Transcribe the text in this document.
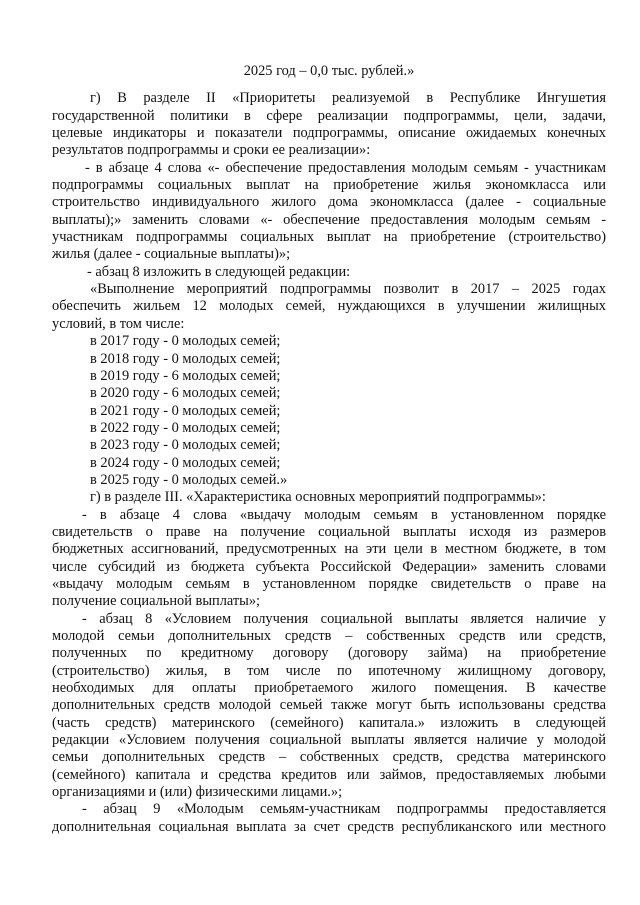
2025 год – 0,0 тыс. рублей.»
г) В разделе II «Приоритеты реализуемой в Республике Ингушетия
государственной политики в сфере реализации подпрограммы, цели, задачи,
целевые индикаторы и показатели подпрограммы, описание ожидаемых конечных
результатов подпрограммы и сроки ее реализации»:
- в абзаце 4 слова «- обеспечение предоставления молодым семьям - участникам
подпрограммы социальных выплат на приобретение жилья экономкласса или
строительство индивидуального жилого дома экономкласса (далее - социальные
выплаты);» заменить словами «- обеспечение предоставления молодым семьям -
участникам подпрограммы социальных выплат на приобретение (строительство)
жилья (далее - социальные выплаты)»;
- абзац 8 изложить в следующей редакции:
«Выполнение мероприятий подпрограммы позволит в 2017 – 2025 годах
обеспечить жильем 12 молодых семей, нуждающихся в улучшении жилищных
условий, в том числе:
в 2017 году - 0 молодых семей;
в 2018 году - 0 молодых семей;
в 2019 году - 6 молодых семей;
в 2020 году - 6 молодых семей;
в 2021 году - 0 молодых семей;
в 2022 году - 0 молодых семей;
в 2023 году - 0 молодых семей;
в 2024 году - 0 молодых семей;
в 2025 году - 0 молодых семей.»
г) в разделе III. «Характеристика основных мероприятий подпрограммы»:
- в абзаце 4 слова «выдачу молодым семьям в установленном порядке
свидетельств о праве на получение социальной выплаты исходя из размеров
бюджетных ассигнований, предусмотренных на эти цели в местном бюджете, в том
числе субсидий из бюджета субъекта Российской Федерации» заменить словами
«выдачу молодым семьям в установленном порядке свидетельств о праве на
получение социальной выплаты»;
- абзац 8 «Условием получения социальной выплаты является наличие у
молодой семьи дополнительных средств – собственных средств или средств,
полученных по кредитному договору (договору займа) на приобретение
(строительство) жилья, в том числе по ипотечному жилищному договору,
необходимых для оплаты приобретаемого жилого помещения. В качестве
дополнительных средств молодой семьей также могут быть использованы средства
(часть средств) материнского (семейного) капитала.» изложить в следующей
редакции «Условием получения социальной выплаты является наличие у молодой
семьи дополнительных средств – собственных средств, средства материнского
(семейного) капитала и средства кредитов или займов, предоставляемых любыми
организациями и (или) физическими лицами.»;
- абзац 9 «Молодым семьям-участникам подпрограммы предоставляется
дополнительная социальная выплата за счет средств республиканского или местного
